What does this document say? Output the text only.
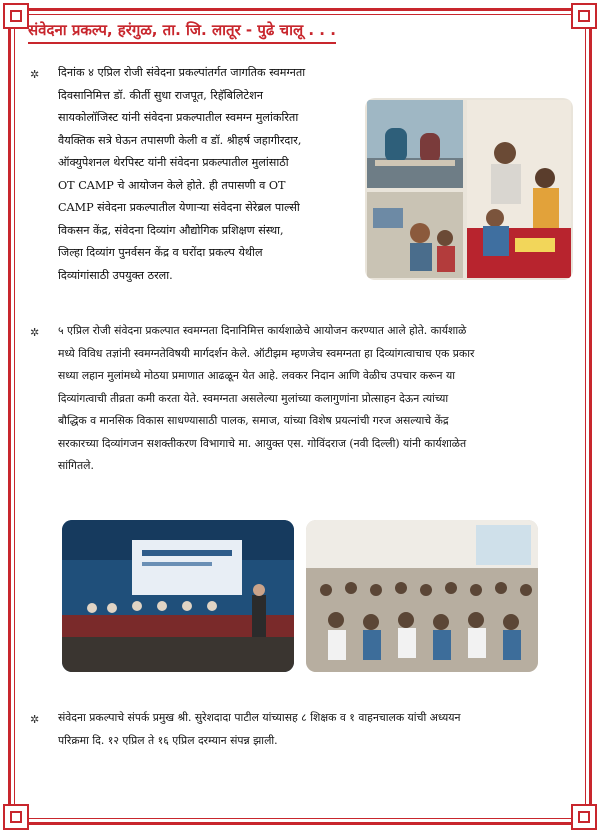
संवेदना प्रकल्प, हरंगुळ, ता. जि. लातूर - पुढे चालू . . .
✲ दिनांक ४ एप्रिल रोजी संवेदना प्रकल्पांतर्गत जागतिक स्वमग्नता
दिवसानिमित्त डॉ. कीर्ती सुधा राजपूत, रिहॅबिलिटेशन
सायकोलॉजिस्ट यांनी संवेदना प्रकल्पातील स्वमग्न मुलांकरिता
वैयक्तिक सत्रे घेऊन तपासणी केली व डॉ. श्रीहर्ष जहागीरदार,
ऑक्युपेशनल थेरपिस्ट यांनी संवेदना प्रकल्पातील मुलांसाठी
OT CAMP चे आयोजन केले होते. ही तपासणी व OT
CAMP संवेदना प्रकल्पातील येणाऱ्या संवेदना सेरेब्रल पाल्सी
विकसन केंद्र, संवेदना दिव्यांग औद्योगिक प्रशिक्षण संस्था,
जिल्हा दिव्यांग पुनर्वसन केंद्र व घरोंदा प्रकल्प येथील
दिव्यांगांसाठी उपयुक्त ठरला.
✲ ५ एप्रिल रोजी संवेदना प्रकल्पात स्वमग्नता दिनानिमित्त कार्यशाळेचे आयोजन करण्यात आले होते. कार्यशाळे
मध्ये विविध तज्ञांनी स्वमग्नतेविषयी मार्गदर्शन केले. ऑटीझम म्हणजेच स्वमग्नता हा दिव्यांगत्वाचाच एक प्रकार
सध्या लहान मुलांमध्ये मोठया प्रमाणात आढळून येत आहे. लवकर निदान आणि वेळीच उपचार करून या
दिव्यांगत्वाची तीव्रता कमी करता येते. स्वमग्नता असलेल्या मुलांच्या कलागुणांना प्रोत्साहन देऊन त्यांच्या
बौद्धिक व मानसिक विकास साधण्यासाठी पालक, समाज, यांच्या विशेष प्रयत्नांची गरज असल्याचे केंद्र
सरकारच्या दिव्यांगजन सशक्तीकरण विभागाचे मा. आयुक्त एस. गोविंदराज (नवी दिल्ली) यांनी कार्यशाळेत
सांगितले.
✲ संवेदना प्रकल्पाचे संपर्क प्रमुख श्री. सुरेशदादा पाटील यांच्यासह ८ शिक्षक व १ वाहनचालक यांची अध्ययन
परिक्रमा दि. १२ एप्रिल ते १६ एप्रिल दरम्यान संपन्न झाली.
